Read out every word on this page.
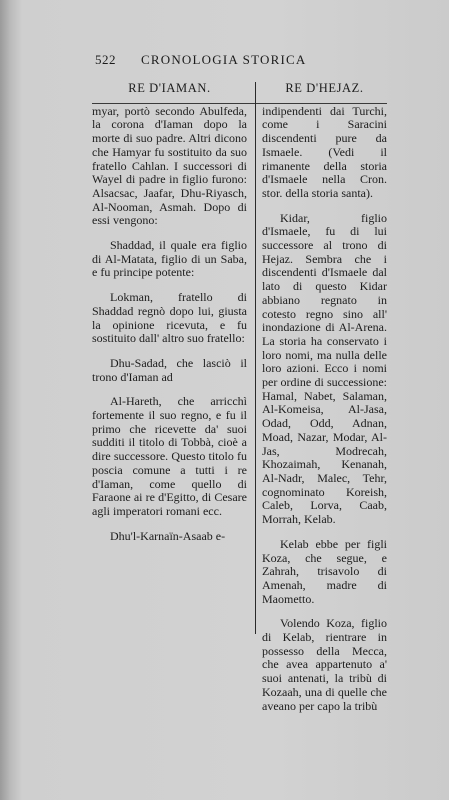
522 CRONOLOGIA STORICA
RE D'IAMAN.

myar, portò secondo Abulfeda, la corona d'Iaman dopo la morte di suo padre. Altri dicono che Hamyar fu sostituito da suo fratello Cahlan. I successori di Wayel di padre in figlio furono: Alsacsac, Jaafar, Dhu-Riyasch, Al-Nooman, Asmah. Dopo di essi vengono:

Shaddad, il quale era figlio di Al-Matata, figlio di un Saba, e fu principe potente:

Lokman, fratello di Shaddad regnò dopo lui, giusta la opinione ricevuta, e fu sostituito dall' altro suo fratello:

Dhu-Sadad, che lasciò il trono d'Iaman ad

Al-Hareth, che arricchì fortemente il suo regno, e fu il primo che ricevette da' suoi sudditi il titolo di Tobbà, cioè a dire successore. Questo titolo fu poscia comune a tutti i re d'Iaman, come quello di Faraone ai re d'Egitto, di Cesare agli imperatori romani ecc.

Dhu'l-Karnaïn-Asaab e-

RE D'HEJAZ.

indipendenti dai Turchi, come i Saracini discendenti pure da Ismaele. (Vedi il rimanente della storia d'Ismaele nella Cron. stor. della storia santa).

Kidar, figlio d'Ismaele, fu di lui successore al trono di Hejaz. Sembra che i discendenti d'Ismaele dal lato di questo Kidar abbiano regnato in cotesto regno sino all' inondazione di Al-Arena. La storia ha conservato i loro nomi, ma nulla delle loro azioni. Ecco i nomi per ordine di successione: Hamal, Nabet, Salaman, Al-Komeisa, Al-Jasa, Odad, Odd, Adnan, Moad, Nazar, Modar, Al-Jas, Modrecah, Khozaimah, Kenanah, Al-Nadr, Malec, Tehr, cognominato Koreish, Caleb, Lorva, Caab, Morrah, Kelab.

Kelab ebbe per figli Koza, che segue, e Zahrah, trisavolo di Amenah, madre di Maometto.

Volendo Koza, figlio di Kelab, rientrare in possesso della Mecca, che avea appartenuto a' suoi antenati, la tribù di Kozaah, una di quelle che aveano per capo la tribù
